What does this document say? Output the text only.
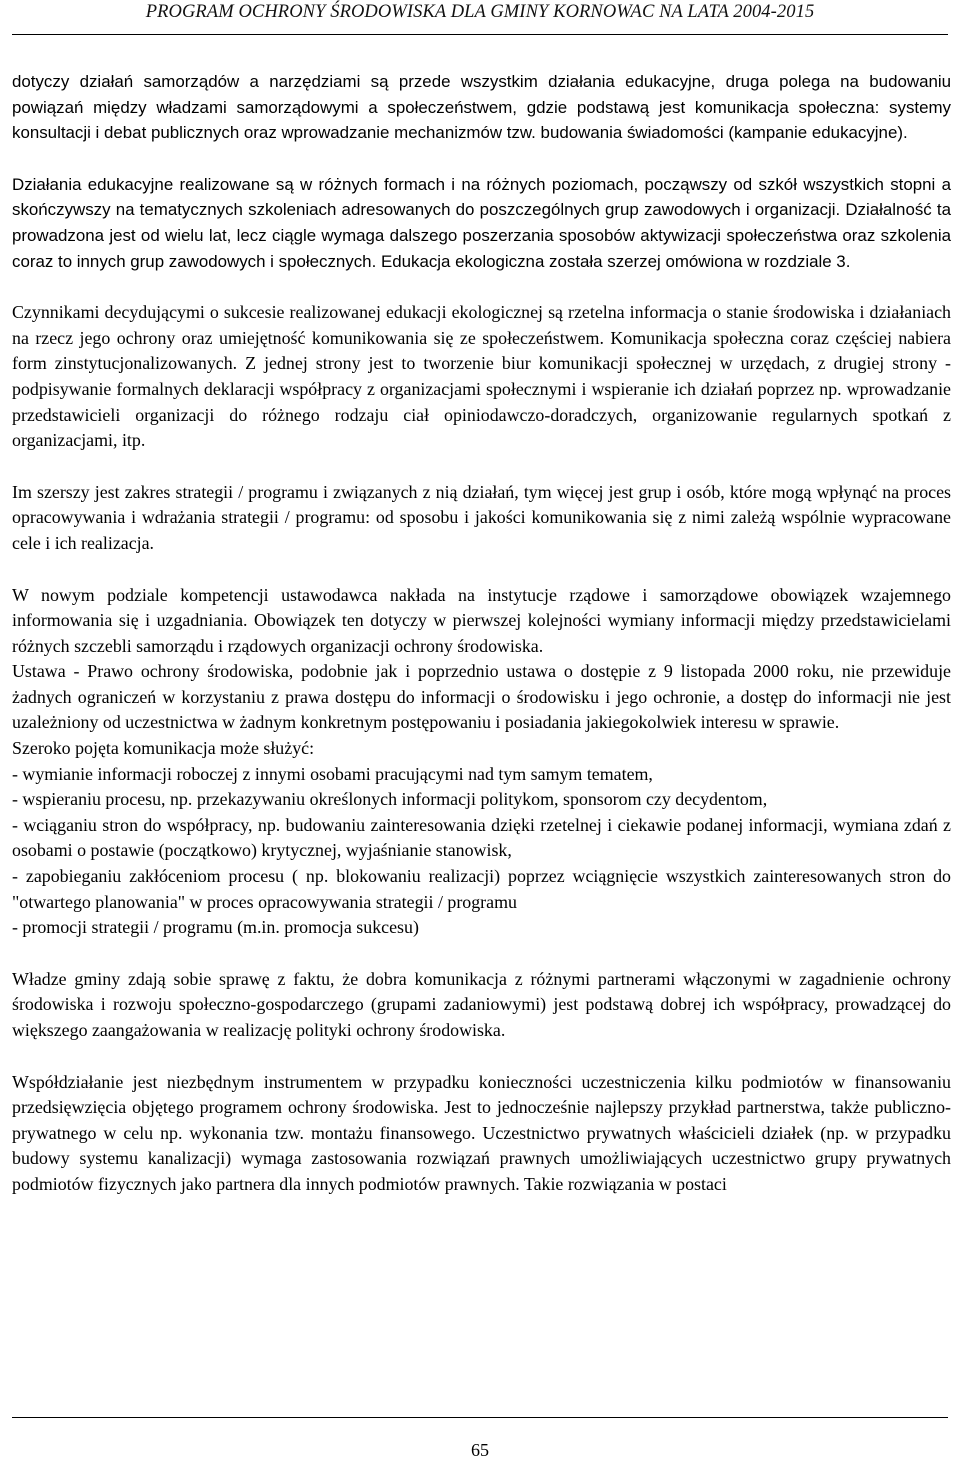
PROGRAM OCHRONY ŚRODOWISKA DLA GMINY KORNOWAC NA LATA 2004-2015

dotyczy działań samorządów a narzędziami są przede wszystkim działania edukacyjne, druga polega na budowaniu powiązań między władzami samorządowymi a społeczeństwem, gdzie podstawą jest komunikacja społeczna: systemy konsultacji i debat publicznych oraz wprowadzanie mechanizmów tzw. budowania świadomości (kampanie edukacyjne).

Działania edukacyjne realizowane są w różnych formach i na różnych poziomach, począwszy od szkół wszystkich stopni a skończywszy na tematycznych szkoleniach adresowanych do poszczególnych grup zawodowych i organizacji. Działalność ta prowadzona jest od wielu lat, lecz ciągle wymaga dalszego poszerzania sposobów aktywizacji społeczeństwa oraz szkolenia coraz to innych grup zawodowych i społecznych. Edukacja ekologiczna została szerzej omówiona w rozdziale 3.

Czynnikami decydującymi o sukcesie realizowanej edukacji ekologicznej są rzetelna informacja o stanie środowiska i działaniach na rzecz jego ochrony oraz umiejętność komunikowania się ze społeczeństwem. Komunikacja społeczna coraz częściej nabiera form zinstytucjonalizowanych. Z jednej strony jest to tworzenie biur komunikacji społecznej w urzędach, z drugiej strony - podpisywanie formalnych deklaracji współpracy z organizacjami społecznymi i wspieranie ich działań poprzez np. wprowadzanie przedstawicieli organizacji do różnego rodzaju ciał opiniodawczo-doradczych, organizowanie regularnych spotkań z organizacjami, itp.

Im szerszy jest zakres strategii / programu i związanych z nią działań, tym więcej jest grup i osób, które mogą wpłynąć na proces opracowywania i wdrażania strategii / programu: od sposobu i jakości komunikowania się z nimi zależą wspólnie wypracowane cele i ich realizacja.

W nowym podziale kompetencji ustawodawca nakłada na instytucje rządowe i samorządowe obowiązek wzajemnego informowania się i uzgadniania. Obowiązek ten dotyczy w pierwszej kolejności wymiany informacji między przedstawicielami różnych szczebli samorządu i rządowych organizacji ochrony środowiska.

Ustawa - Prawo ochrony środowiska, podobnie jak i poprzednio ustawa o dostępie z 9 listopada 2000 roku, nie przewiduje żadnych ograniczeń w korzystaniu z prawa dostępu do informacji o środowisku i jego ochronie, a dostęp do informacji nie jest uzależniony od uczestnictwa w żadnym konkretnym postępowaniu i posiadania jakiegokolwiek interesu w sprawie.

Szeroko pojęta komunikacja może służyć:

- wymianie informacji roboczej z innymi osobami pracującymi nad tym samym tematem,

- wspieraniu procesu, np. przekazywaniu określonych informacji politykom, sponsorom czy decydentom,

- wciąganiu stron do współpracy, np. budowaniu zainteresowania dzięki rzetelnej i ciekawie podanej informacji, wymiana zdań z osobami o postawie (początkowo) krytycznej, wyjaśnianie stanowisk,

- zapobieganiu zakłóceniom procesu ( np. blokowaniu realizacji) poprzez wciągnięcie wszystkich zainteresowanych stron do "otwartego planowania" w proces opracowywania strategii / programu

- promocji strategii / programu (m.in. promocja sukcesu)

Władze gminy zdają sobie sprawę z faktu, że dobra komunikacja z różnymi partnerami włączonymi w zagadnienie ochrony środowiska i rozwoju społeczno-gospodarczego (grupami zadaniowymi) jest podstawą dobrej ich współpracy, prowadzącej do większego zaangażowania w realizację polityki ochrony środowiska.

Współdziałanie jest niezbędnym instrumentem w przypadku konieczności uczestniczenia kilku podmiotów w finansowaniu przedsięwzięcia objętego programem ochrony środowiska. Jest to jednocześnie najlepszy przykład partnerstwa, także publiczno-prywatnego w celu np. wykonania tzw. montażu finansowego. Uczestnictwo prywatnych właścicieli działek (np. w przypadku budowy systemu kanalizacji) wymaga zastosowania rozwiązań prawnych umożliwiających uczestnictwo grupy prywatnych podmiotów fizycznych jako partnera dla innych podmiotów prawnych. Takie rozwiązania w postaci

65
